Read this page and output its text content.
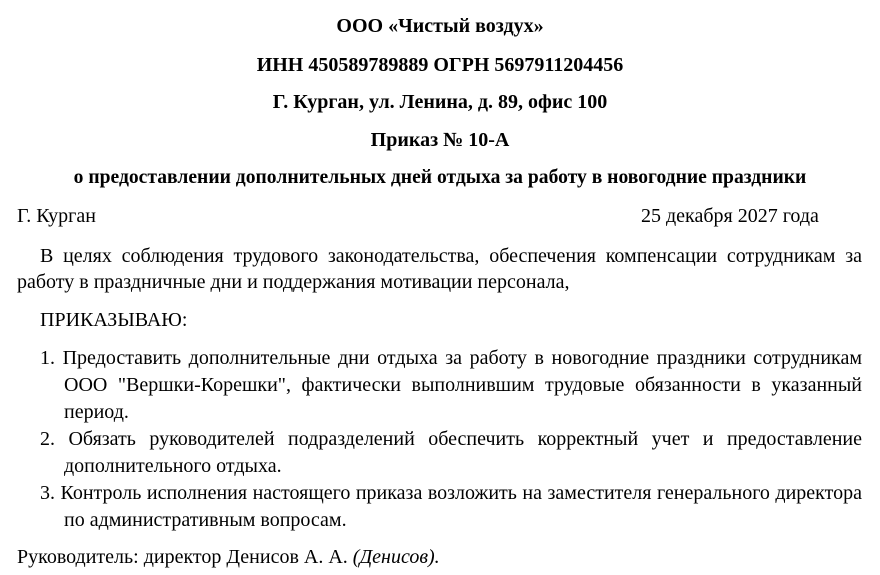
ООО «Чистый воздух»
ИНН 450589789889 ОГРН 5697911204456
Г. Курган, ул. Ленина, д. 89, офис 100
Приказ № 10-А
о предоставлении дополнительных дней отдыха за работу в новогодние праздники
Г. Курган	25 декабря 2027 года
В целях соблюдения трудового законодательства, обеспечения компенсации сотрудникам за работу в праздничные дни и поддержания мотивации персонала,
ПРИКАЗЫВАЮ:
1. Предоставить дополнительные дни отдыха за работу в новогодние праздники сотрудникам ООО "Вершки-Корешки", фактически выполнившим трудовые обязанности в указанный период.
2. Обязать руководителей подразделений обеспечить корректный учет и предоставление дополнительного отдыха.
3. Контроль исполнения настоящего приказа возложить на заместителя генерального директора по административным вопросам.
Руководитель: директор Денисов А. А. (Денисов).
